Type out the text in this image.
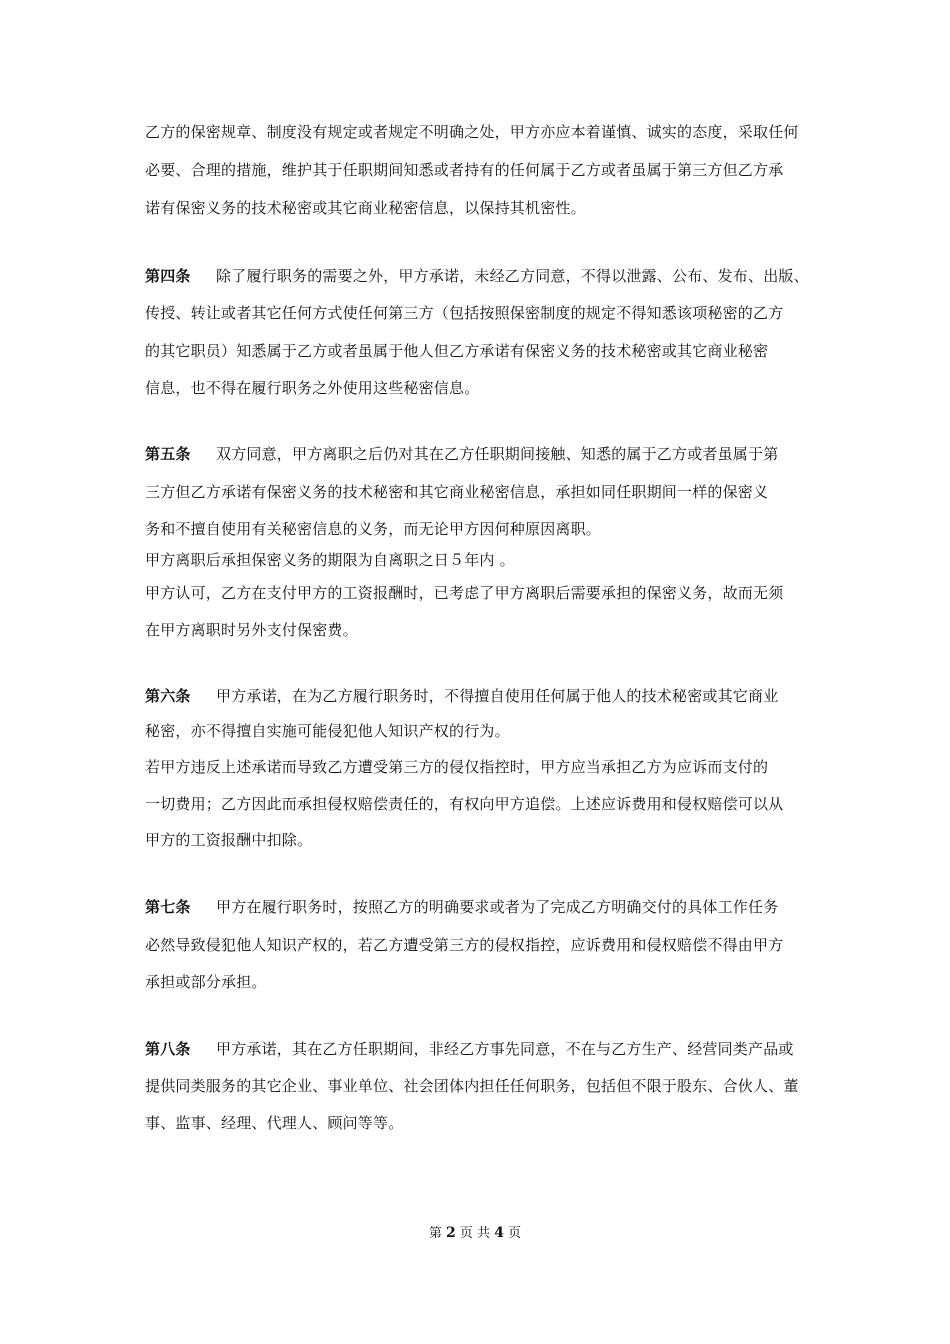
乙方的保密规章、制度没有规定或者规定不明确之处，甲方亦应本着谨慎、诚实的态度，采取任何
必要、合理的措施，维护其于任职期间知悉或者持有的任何属于乙方或者虽属于第三方但乙方承
诺有保密义务的技术秘密或其它商业秘密信息，以保持其机密性。
第四条 除了履行职务的需要之外，甲方承诺，未经乙方同意，不得以泄露、公布、发布、出版、
传授、转让或者其它任何方式使任何第三方（包括按照保密制度的规定不得知悉该项秘密的乙方
的其它职员）知悉属于乙方或者虽属于他人但乙方承诺有保密义务的技术秘密或其它商业秘密
信息，也不得在履行职务之外使用这些秘密信息。
第五条 双方同意，甲方离职之后仍对其在乙方任职期间接触、知悉的属于乙方或者虽属于第
三方但乙方承诺有保密义务的技术秘密和其它商业秘密信息，承担如同任职期间一样的保密义
务和不擅自使用有关秘密信息的义务，而无论甲方因何种原因离职。
甲方离职后承担保密义务的期限为自离职之日５年内 。
甲方认可，乙方在支付甲方的工资报酬时，已考虑了甲方离职后需要承担的保密义务，故而无须
在甲方离职时另外支付保密费。
第六条 甲方承诺，在为乙方履行职务时，不得擅自使用任何属于他人的技术秘密或其它商业
秘密，亦不得擅自实施可能侵犯他人知识产权的行为。
若甲方违反上述承诺而导致乙方遭受第三方的侵仅指控时，甲方应当承担乙方为应诉而支付的
一切费用；乙方因此而承担侵权赔偿责任的，有权向甲方追偿。上述应诉费用和侵权赔偿可以从
甲方的工资报酬中扣除。
第七条 甲方在履行职务时，按照乙方的明确要求或者为了完成乙方明确交付的具体工作任务
必然导致侵犯他人知识产权的，若乙方遭受第三方的侵权指控，应诉费用和侵权赔偿不得由甲方
承担或部分承担。
第八条 甲方承诺，其在乙方任职期间，非经乙方事先同意，不在与乙方生产、经营同类产品或
提供同类服务的其它企业、事业单位、社会团体内担任任何职务，包括但不限于股东、合伙人、董
事、监事、经理、代理人、顾问等等。
第 2 页 共 4 页
